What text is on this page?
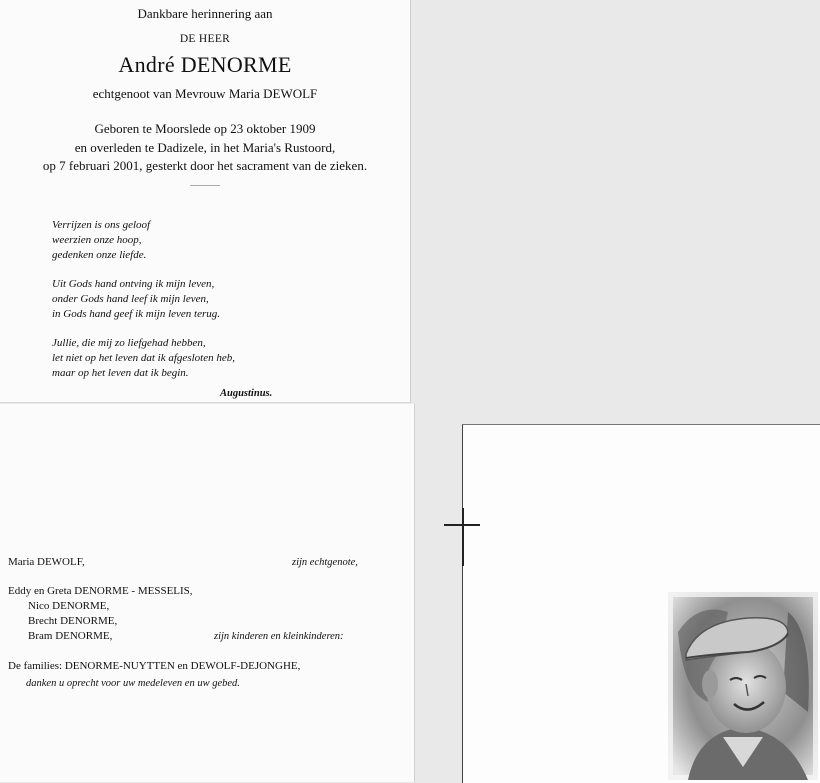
Dankbare herinnering aan
DE HEER
André DENORME
echtgenoot van Mevrouw Maria DEWOLF
Geboren te Moorslede op 23 oktober 1909
en overleden te Dadizele, in het Maria's Rustoord,
op 7 februari 2001, gesterkt door het sacrament van de zieken.
Verrijzen is ons geloof
weerzien onze hoop,
gedenken onze liefde.
Uit Gods hand ontving ik mijn leven,
onder Gods hand leef ik mijn leven,
in Gods hand geef ik mijn leven terug.
Jullie, die mij zo liefgehad hebben,
let niet op het leven dat ik afgesloten heb,
maar op het leven dat ik begin.
Augustinus.
Maria DEWOLF,	zijn echtgenote,
Eddy en Greta DENORME - MESSELIS,
Nico DENORME,
Brecht DENORME,
Bram DENORME,	zijn kinderen en kleinkinderen:
De families: DENORME-NUYTTEN en DEWOLF-DEJONGHE,
danken u oprecht voor uw medeleven en uw gebed.
